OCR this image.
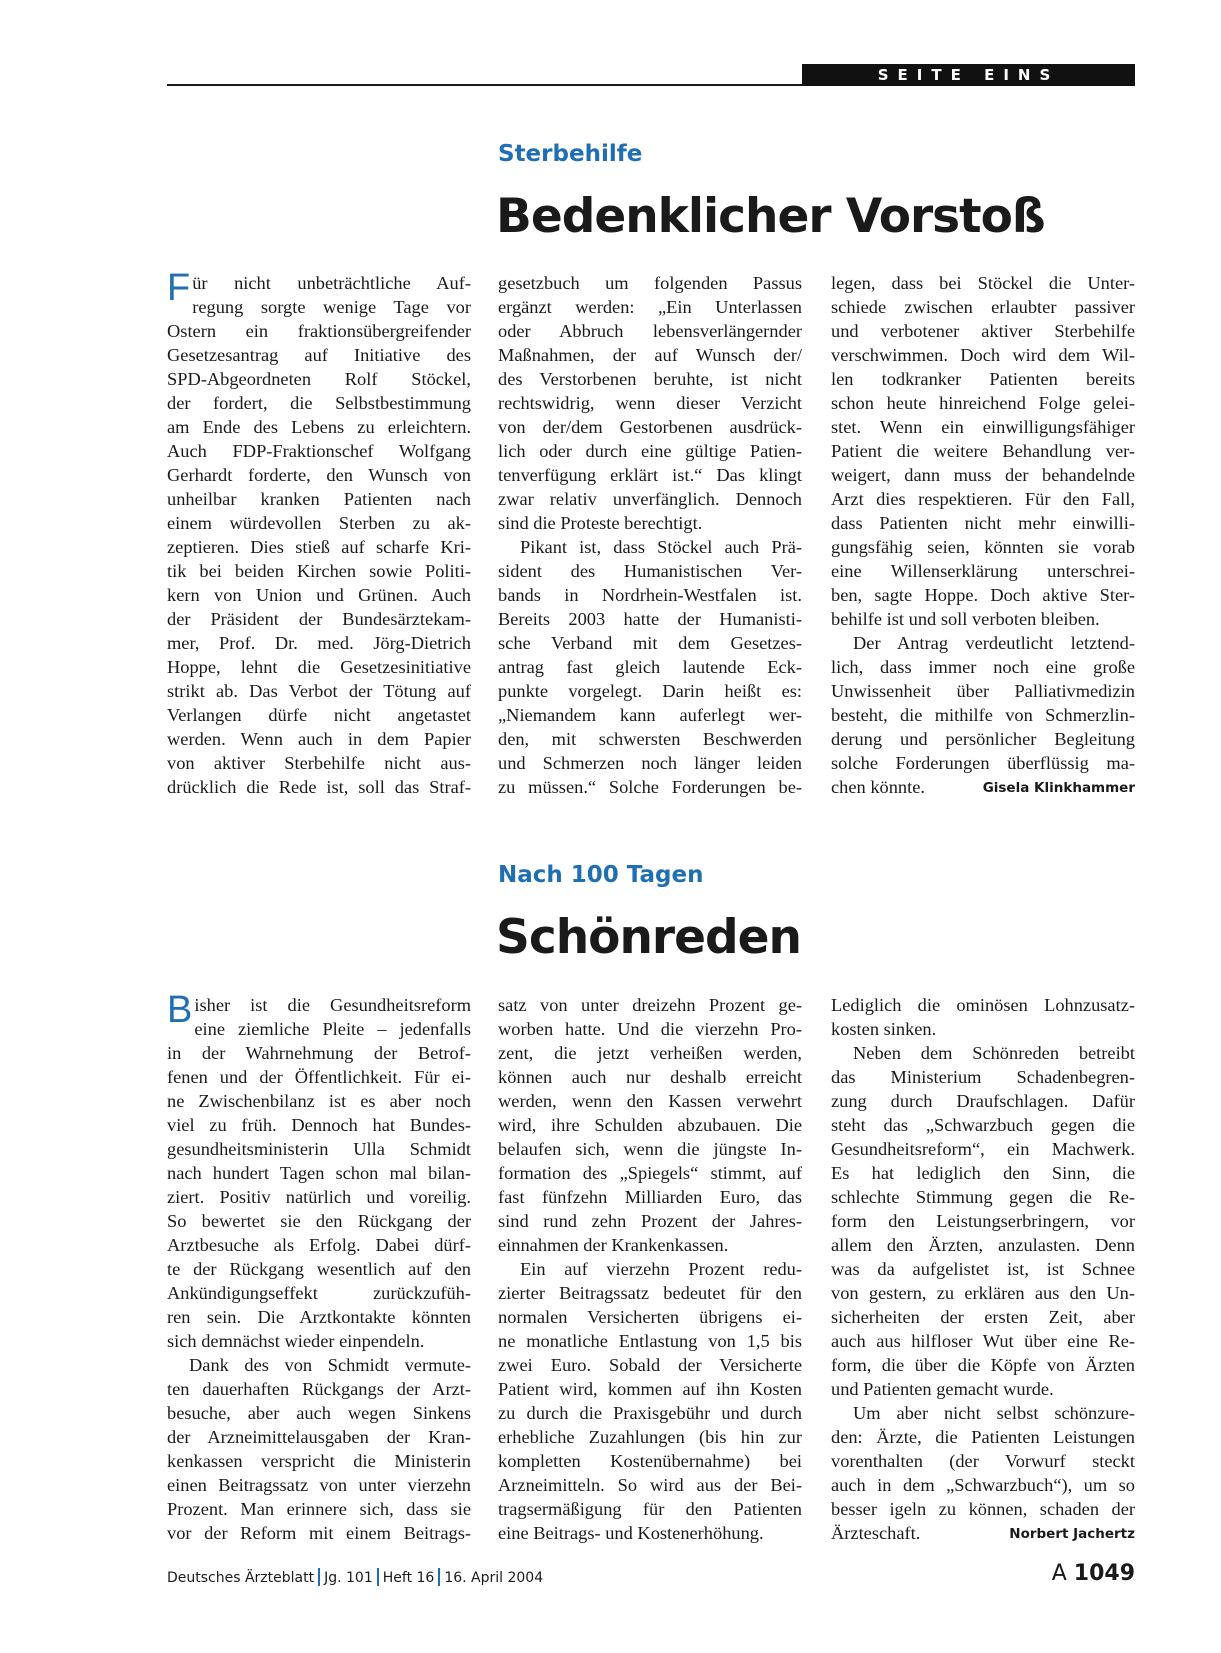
SEITE EINS
Sterbehilfe
Bedenklicher Vorstoß
F ür nicht unbeträchtliche Auf-
regung sorgte wenige Tage vor
Ostern ein fraktionsübergreifender
Gesetzesantrag auf Initiative des
SPD-Abgeordneten Rolf Stöckel,
der fordert, die Selbstbestimmung
am Ende des Lebens zu erleichtern.
Auch FDP-Fraktionschef Wolfgang
Gerhardt forderte, den Wunsch von
unheilbar kranken Patienten nach
einem würdevollen Sterben zu ak-
zeptieren. Dies stieß auf scharfe Kri-
tik bei beiden Kirchen sowie Politi-
kern von Union und Grünen. Auch
der Präsident der Bundesärztekam-
mer, Prof. Dr. med. Jörg-Dietrich
Hoppe, lehnt die Gesetzesinitiative
strikt ab. Das Verbot der Tötung auf
Verlangen dürfe nicht angetastet
werden. Wenn auch in dem Papier
von aktiver Sterbehilfe nicht aus-
drücklich die Rede ist, soll das Straf-
gesetzbuch um folgenden Passus
ergänzt werden: „Ein Unterlassen
oder Abbruch lebensverlängernder
Maßnahmen, der auf Wunsch der/
des Verstorbenen beruhte, ist nicht
rechtswidrig, wenn dieser Verzicht
von der/dem Gestorbenen ausdrück-
lich oder durch eine gültige Patien-
tenverfügung erklärt ist.“ Das klingt
zwar relativ unverfänglich. Dennoch
sind die Proteste berechtigt.
Pikant ist, dass Stöckel auch Prä-
sident des Humanistischen Ver-
bands in Nordrhein-Westfalen ist.
Bereits 2003 hatte der Humanisti-
sche Verband mit dem Gesetzes-
antrag fast gleich lautende Eck-
punkte vorgelegt. Darin heißt es:
„Niemandem kann auferlegt wer-
den, mit schwersten Beschwerden
und Schmerzen noch länger leiden
zu müssen.“ Solche Forderungen be-
legen, dass bei Stöckel die Unter-
schiede zwischen erlaubter passiver
und verbotener aktiver Sterbehilfe
verschwimmen. Doch wird dem Wil-
len todkranker Patienten bereits
schon heute hinreichend Folge gelei-
stet. Wenn ein einwilligungsfähiger
Patient die weitere Behandlung ver-
weigert, dann muss der behandelnde
Arzt dies respektieren. Für den Fall,
dass Patienten nicht mehr einwilli-
gungsfähig seien, könnten sie vorab
eine Willenserklärung unterschrei-
ben, sagte Hoppe. Doch aktive Ster-
behilfe ist und soll verboten bleiben.
Der Antrag verdeutlicht letztend-
lich, dass immer noch eine große
Unwissenheit über Palliativmedizin
besteht, die mithilfe von Schmerzlin-
derung und persönlicher Begleitung
solche Forderungen überflüssig ma-
chen könnte.	Gisela Klinkhammer
Nach 100 Tagen
Schönreden
B isher ist die Gesundheitsreform
eine ziemliche Pleite – jedenfalls
in der Wahrnehmung der Betrof-
fenen und der Öffentlichkeit. Für ei-
ne Zwischenbilanz ist es aber noch
viel zu früh. Dennoch hat Bundes-
gesundheitsministerin Ulla Schmidt
nach hundert Tagen schon mal bilan-
ziert. Positiv natürlich und voreilig.
So bewertet sie den Rückgang der
Arztbesuche als Erfolg. Dabei dürf-
te der Rückgang wesentlich auf den
Ankündigungseffekt zurückzufüh-
ren sein. Die Arztkontakte könnten
sich demnächst wieder einpendeln.
Dank des von Schmidt vermute-
ten dauerhaften Rückgangs der Arzt-
besuche, aber auch wegen Sinkens
der Arzneimittelausgaben der Kran-
kenkassen verspricht die Ministerin
einen Beitragssatz von unter vierzehn
Prozent. Man erinnere sich, dass sie
vor der Reform mit einem Beitrags-
satz von unter dreizehn Prozent ge-
worben hatte. Und die vierzehn Pro-
zent, die jetzt verheißen werden,
können auch nur deshalb erreicht
werden, wenn den Kassen verwehrt
wird, ihre Schulden abzubauen. Die
belaufen sich, wenn die jüngste In-
formation des „Spiegels“ stimmt, auf
fast fünfzehn Milliarden Euro, das
sind rund zehn Prozent der Jahres-
einnahmen der Krankenkassen.
Ein auf vierzehn Prozent redu-
zierter Beitragssatz bedeutet für den
normalen Versicherten übrigens ei-
ne monatliche Entlastung von 1,5 bis
zwei Euro. Sobald der Versicherte
Patient wird, kommen auf ihn Kosten
zu durch die Praxisgebühr und durch
erhebliche Zuzahlungen (bis hin zur
kompletten Kostenübernahme) bei
Arzneimitteln. So wird aus der Bei-
tragsermäßigung für den Patienten
eine Beitrags- und Kostenerhöhung.
Lediglich die ominösen Lohnzusatz-
kosten sinken.
Neben dem Schönreden betreibt
das Ministerium Schadenbegren-
zung durch Draufschlagen. Dafür
steht das „Schwarzbuch gegen die
Gesundheitsreform“, ein Machwerk.
Es hat lediglich den Sinn, die
schlechte Stimmung gegen die Re-
form den Leistungserbringern, vor
allem den Ärzten, anzulasten. Denn
was da aufgelistet ist, ist Schnee
von gestern, zu erklären aus den Un-
sicherheiten der ersten Zeit, aber
auch aus hilfloser Wut über eine Re-
form, die über die Köpfe von Ärzten
und Patienten gemacht wurde.
Um aber nicht selbst schönzure-
den: Ärzte, die Patienten Leistungen
vorenthalten (der Vorwurf steckt
auch in dem „Schwarzbuch“), um so
besser igeln zu können, schaden der
Ärzteschaft.	Norbert Jachertz
Deutsches Ärzteblatt Jg. 101 Heft 16 16. April 2004	A 1049
